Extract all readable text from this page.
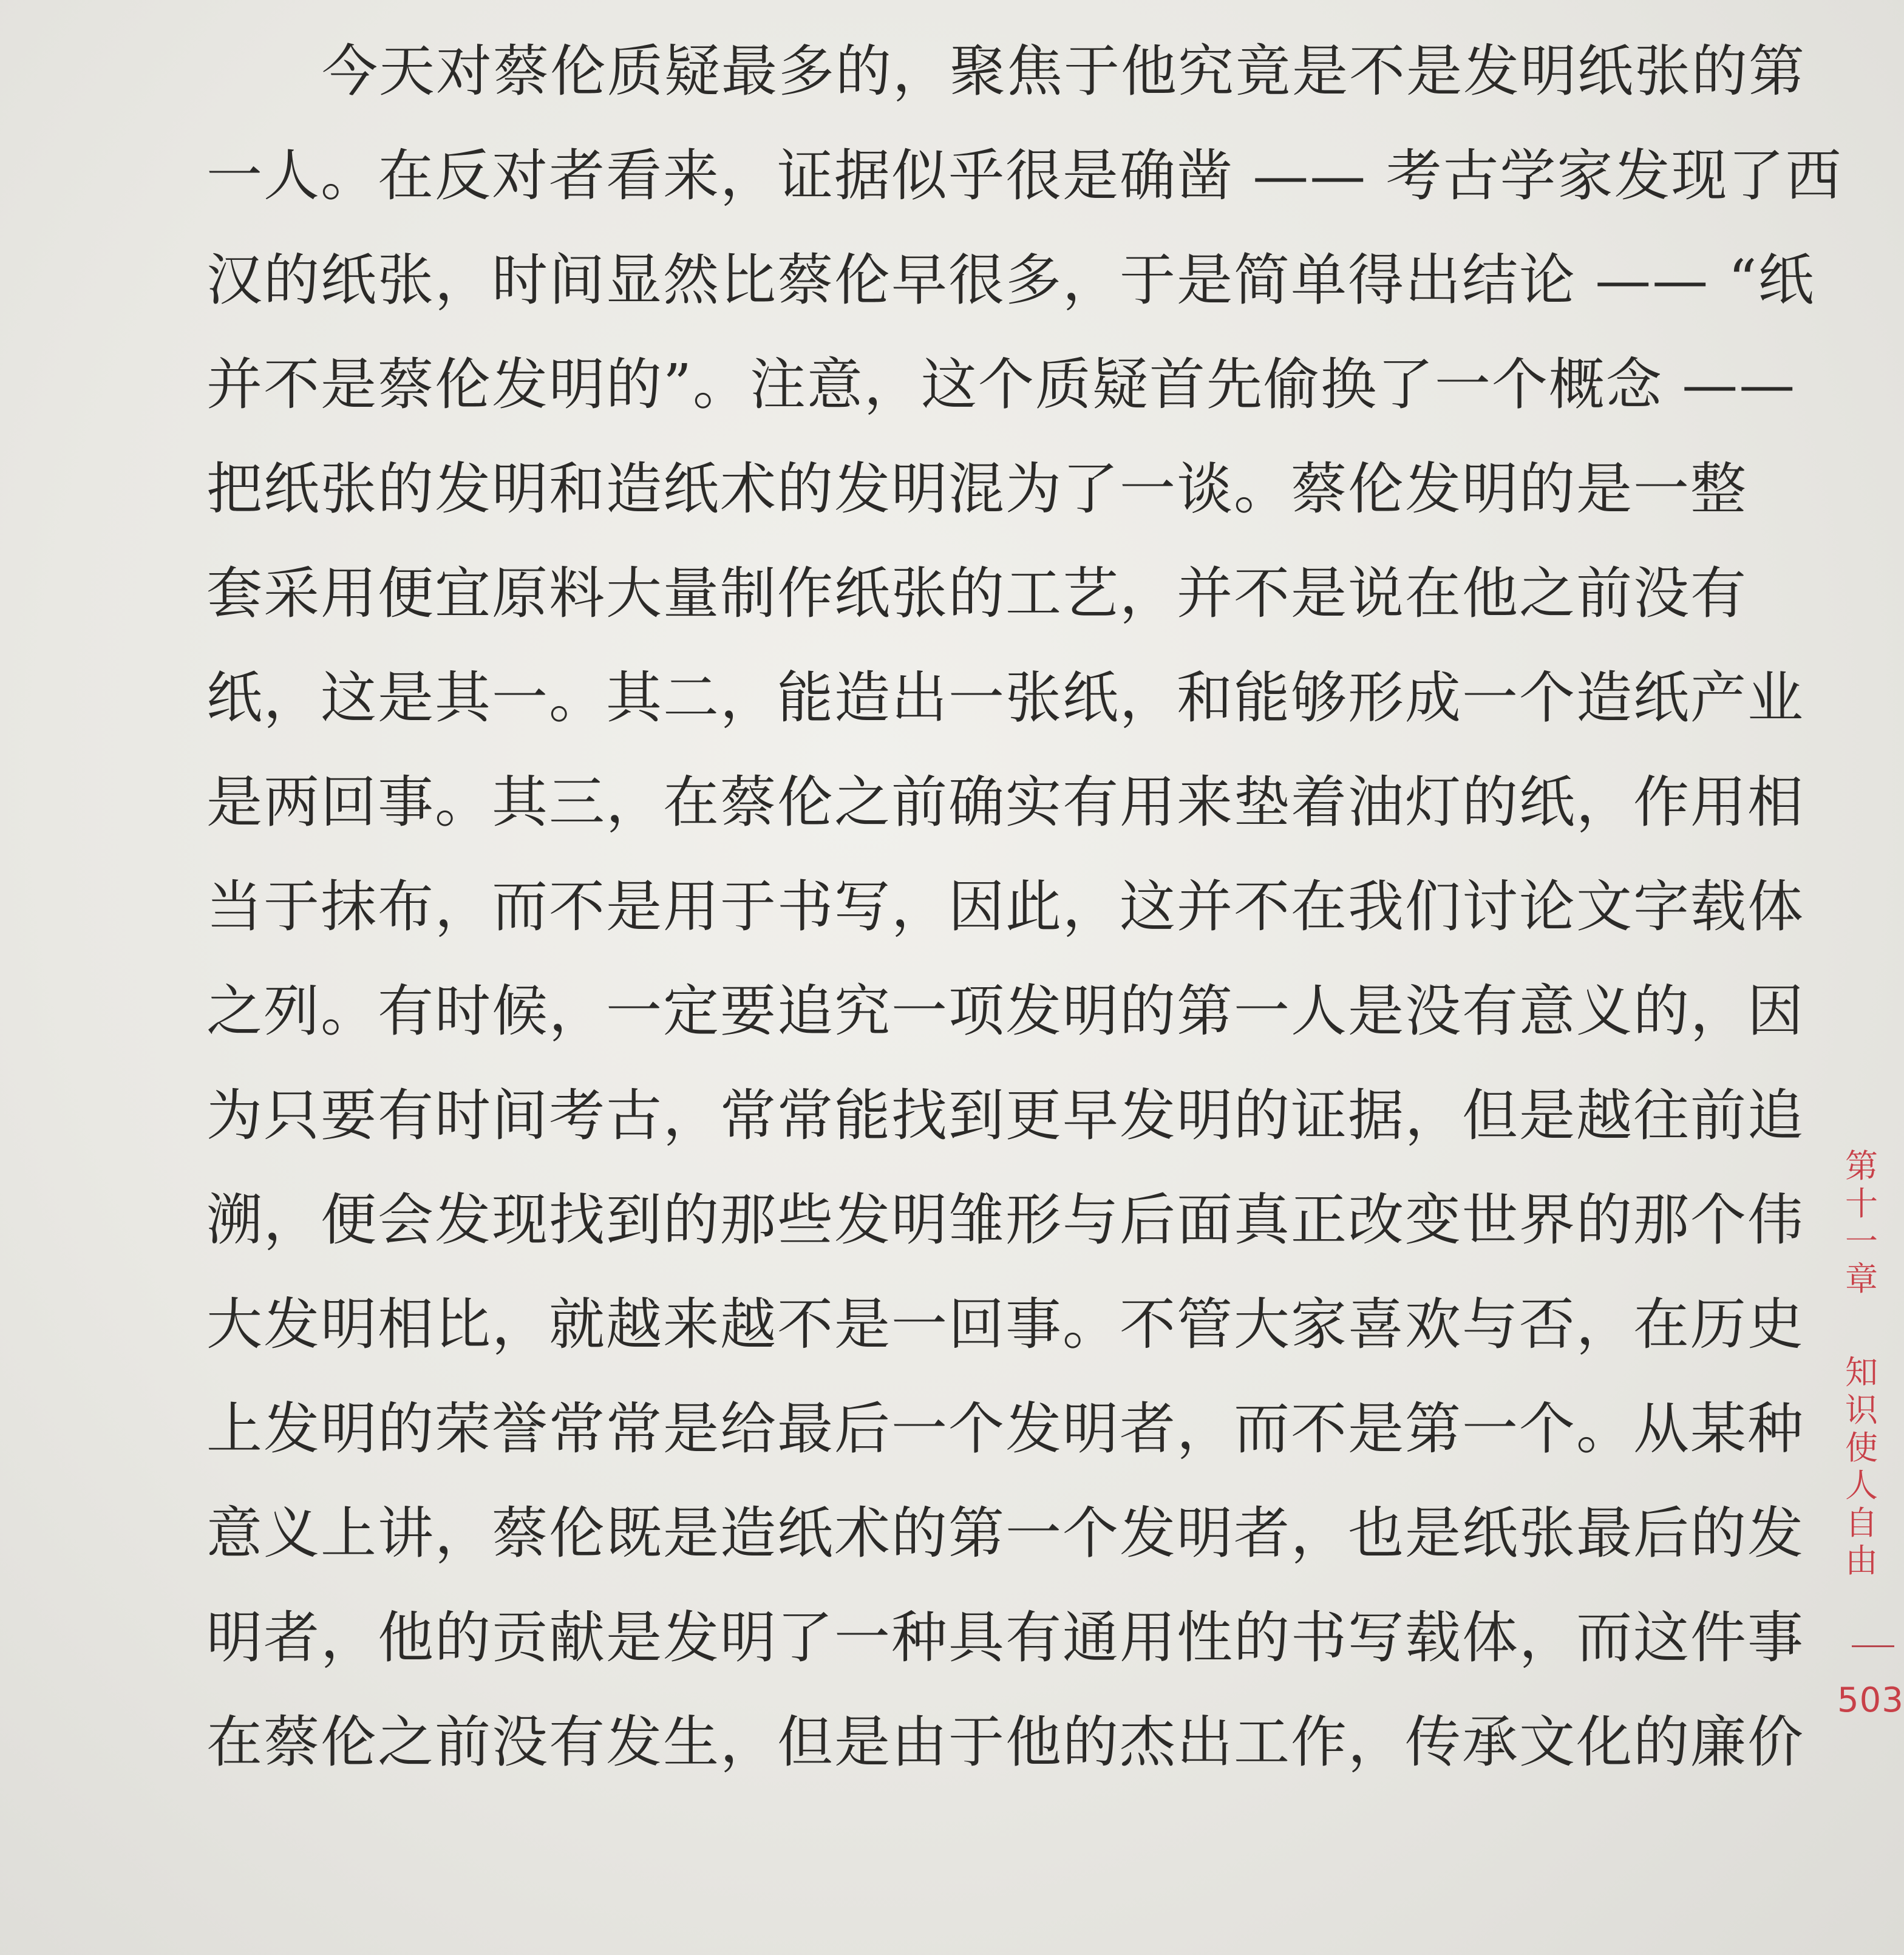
今天对蔡伦质疑最多的，聚焦于他究竟是不是发明纸张的第
一人。在反对者看来，证据似乎很是确凿 —— 考古学家发现了西
汉的纸张，时间显然比蔡伦早很多，于是简单得出结论 —— “纸
并不是蔡伦发明的”。注意，这个质疑首先偷换了一个概念 ——
把纸张的发明和造纸术的发明混为了一谈。蔡伦发明的是一整
套采用便宜原料大量制作纸张的工艺，并不是说在他之前没有
纸，这是其一。其二，能造出一张纸，和能够形成一个造纸产业
是两回事。其三，在蔡伦之前确实有用来垫着油灯的纸，作用相
当于抹布，而不是用于书写，因此，这并不在我们讨论文字载体
之列。有时候，一定要追究一项发明的第一人是没有意义的，因
为只要有时间考古，常常能找到更早发明的证据，但是越往前追
溯，便会发现找到的那些发明雏形与后面真正改变世界的那个伟
大发明相比，就越来越不是一回事。不管大家喜欢与否，在历史
上发明的荣誉常常是给最后一个发明者，而不是第一个。从某种
意义上讲，蔡伦既是造纸术的第一个发明者，也是纸张最后的发
明者，他的贡献是发明了一种具有通用性的书写载体，而这件事
在蔡伦之前没有发生，但是由于他的杰出工作，传承文化的廉价
第十一章
知识使人自由
503
